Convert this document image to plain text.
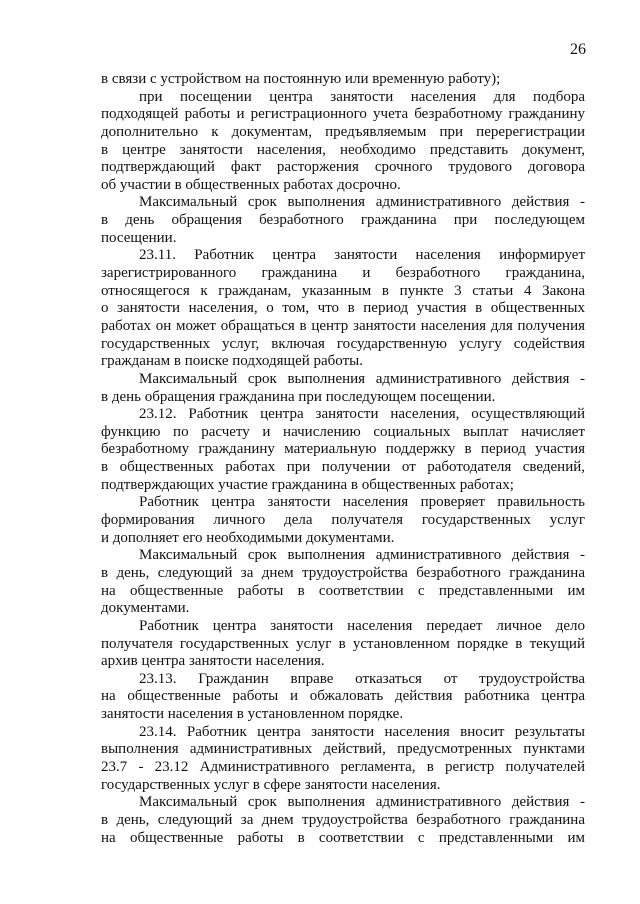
26
в связи с устройством на постоянную или временную работу);
при посещении центра занятости населения для подбора
подходящей работы и регистрационного учета безработному гражданину
дополнительно к документам, предъявляемым при перерегистрации
в центре занятости населения, необходимо представить документ,
подтверждающий факт расторжения срочного трудового договора
об участии в общественных работах досрочно.
Максимальный срок выполнения административного действия -
в день обращения безработного гражданина при последующем
посещении.
23.11. Работник центра занятости населения информирует
зарегистрированного гражданина и безработного гражданина,
относящегося к гражданам, указанным в пункте 3 статьи 4 Закона
о занятости населения, о том, что в период участия в общественных
работах он может обращаться в центр занятости населения для получения
государственных услуг, включая государственную услугу содействия
гражданам в поиске подходящей работы.
Максимальный срок выполнения административного действия -
в день обращения гражданина при последующем посещении.
23.12. Работник центра занятости населения, осуществляющий
функцию по расчету и начислению социальных выплат начисляет
безработному гражданину материальную поддержку в период участия
в общественных работах при получении от работодателя сведений,
подтверждающих участие гражданина в общественных работах;
Работник центра занятости населения проверяет правильность
формирования личного дела получателя государственных услуг
и дополняет его необходимыми документами.
Максимальный срок выполнения административного действия -
в день, следующий за днем трудоустройства безработного гражданина
на общественные работы в соответствии с представленными им
документами.
Работник центра занятости населения передает личное дело
получателя государственных услуг в установленном порядке в текущий
архив центра занятости населения.
23.13. Гражданин вправе отказаться от трудоустройства
на общественные работы и обжаловать действия работника центра
занятости населения в установленном порядке.
23.14. Работник центра занятости населения вносит результаты
выполнения административных действий, предусмотренных пунктами
23.7 - 23.12 Административного регламента, в регистр получателей
государственных услуг в сфере занятости населения.
Максимальный срок выполнения административного действия -
в день, следующий за днем трудоустройства безработного гражданина
на общественные работы в соответствии с представленными им
